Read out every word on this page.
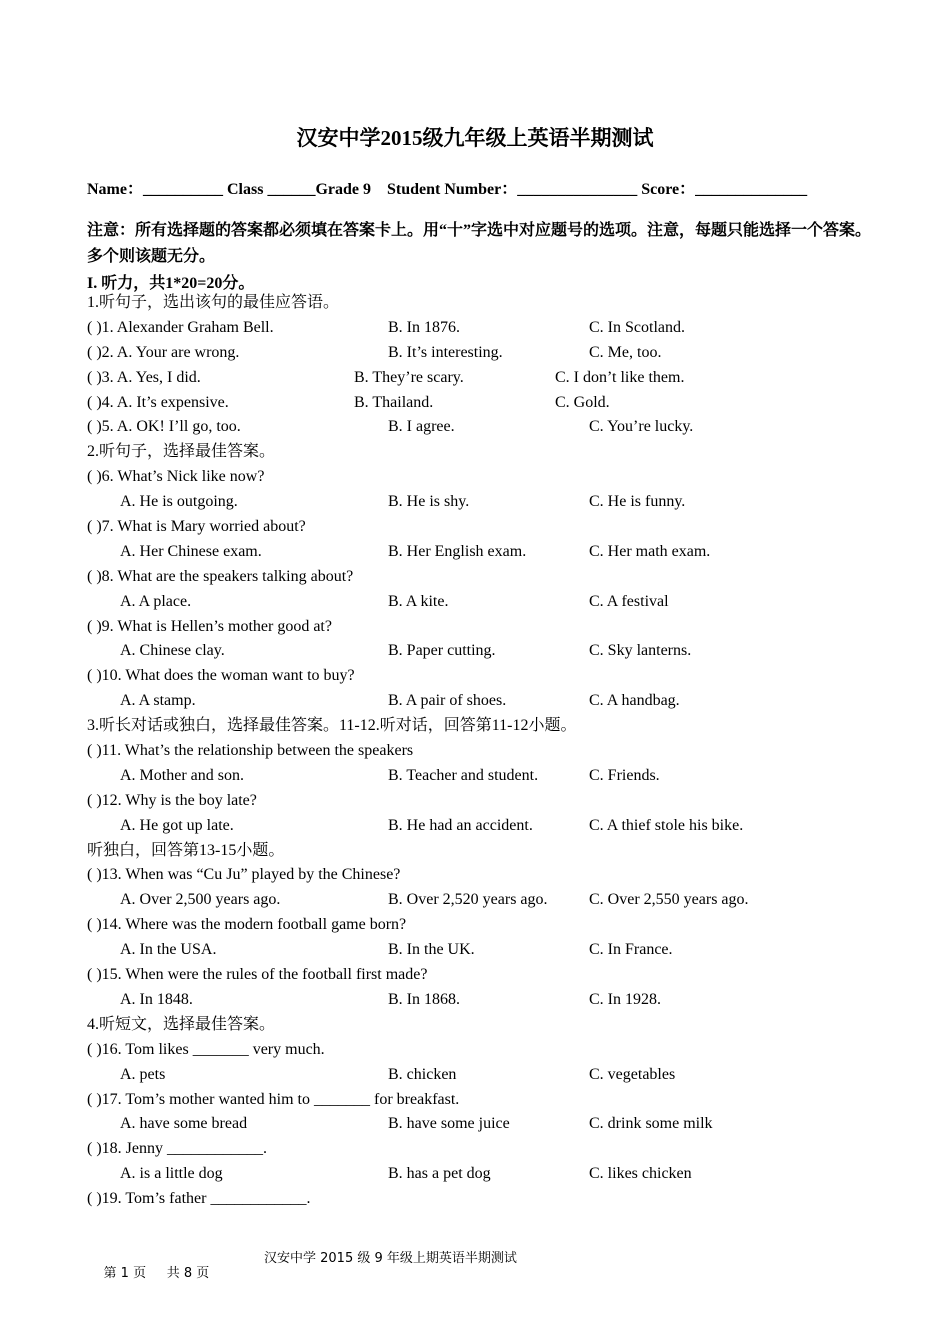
汉安中学2015级九年级上英语半期测试
Name：__________ Class ______Grade 9    Student Number：_______________ Score：______________
注意：所有选择题的答案都必须填在答案卡上。用“十”字选中对应题号的选项。注意，每题只能选择一个答案。多个则该题无分。
I. 听力，共1*20=20分。
1.听句子，选出该句的最佳应答语。
( )1. Alexander Graham Bell.	B. In 1876.	C. In Scotland.
( )2. A. Your are wrong.	B. It’s interesting.	C. Me, too.
( )3. A. Yes, I did.	B. They’re scary.	C. I don’t like them.
( )4. A. It’s expensive.	B. Thailand.	C. Gold.
( )5. A. OK! I’ll go, too.	B. I agree.	C. You’re lucky.
2.听句子，选择最佳答案。
( )6. What’s Nick like now?
A. He is outgoing.	B. He is shy.	C. He is funny.
( )7. What is Mary worried about?
A. Her Chinese exam.	B. Her English exam.	C. Her math exam.
( )8. What are the speakers talking about?
A. A place.	B. A kite.	C. A festival
( )9. What is Hellen’s mother good at?
A. Chinese clay.	B. Paper cutting.	C. Sky lanterns.
( )10. What does the woman want to buy?
A. A stamp.	B. A pair of shoes.	C. A handbag.
3.听长对话或独白，选择最佳答案。11-12.听对话，回答第11-12小题。
( )11. What’s the relationship between the speakers
A. Mother and son.	B. Teacher and student.	C. Friends.
( )12. Why is the boy late?
A. He got up late.	B. He had an accident.	C. A thief stole his bike.
听独白，回答第13-15小题。
( )13. When was “Cu Ju” played by the Chinese?
A. Over 2,500 years ago.	B. Over 2,520 years ago.	C. Over 2,550 years ago.
( )14. Where was the modern football game born?
A. In the USA.	B. In the UK.	C. In France.
( )15. When were the rules of the football first made?
A. In 1848.	B. In 1868.	C. In 1928.
4.听短文，选择最佳答案。
( )16. Tom likes _______ very much.
A. pets	B. chicken	C. vegetables
( )17. Tom’s mother wanted him to _______ for breakfast.
A. have some bread	B. have some juice	C. drink some milk
( )18. Jenny ____________.
A. is a little dog	B. has a pet dog	C. likes chicken
( )19. Tom’s father ____________.

第 1 页     共 8 页

汉安中学 2015 级 9 年级上期英语半期测试
